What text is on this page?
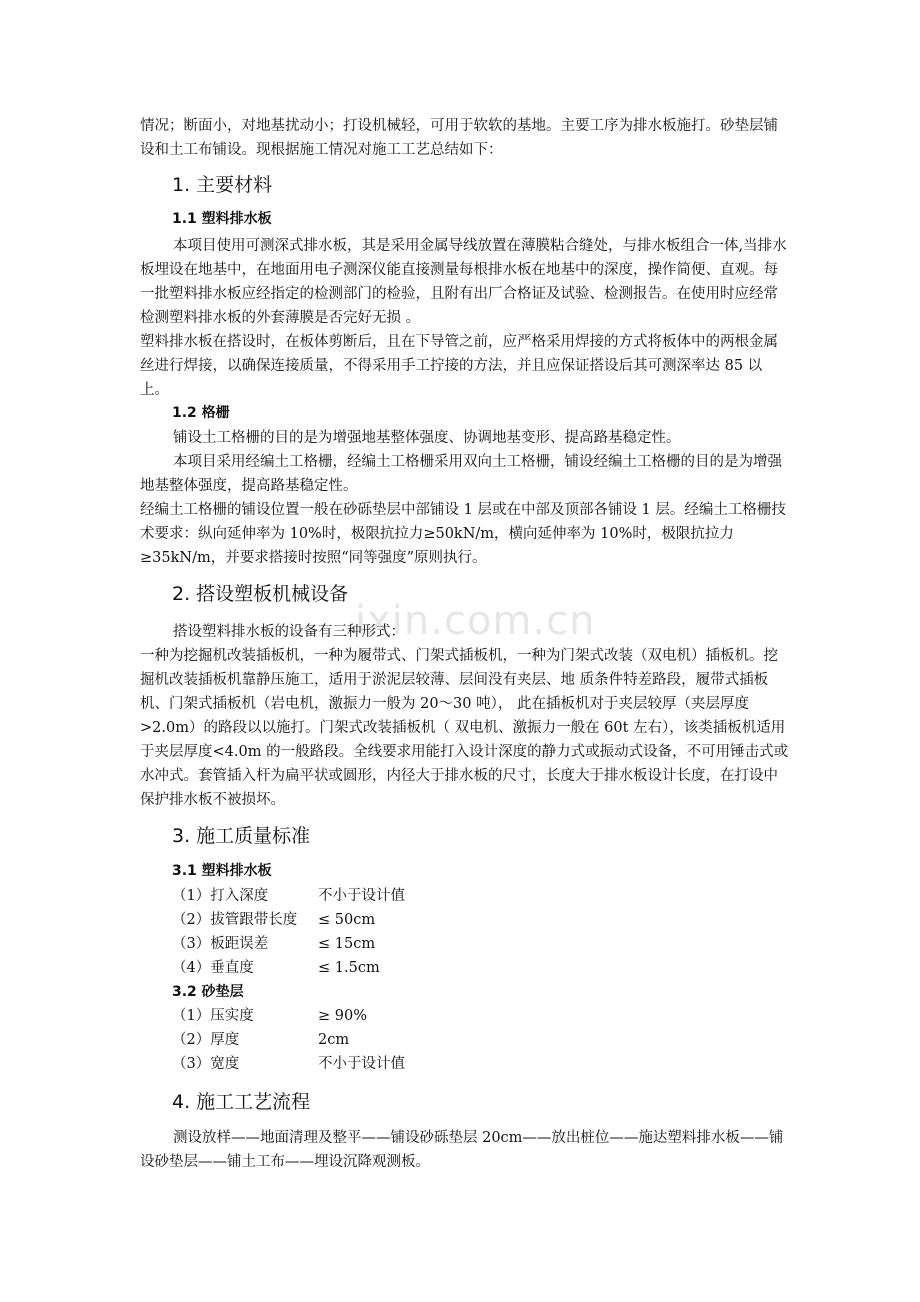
情况；断面小，对地基扰动小；打设机械轻，可用于软软的基地。主要工序为排水板施打。砂垫层铺设和土工布铺设。现根据施工情况对施工工艺总结如下：

1. 主要材料
1.1 塑料排水板

本项目使用可测深式排水板，其是采用金属导线放置在薄膜粘合缝处，与排水板组合一体,当排水板埋设在地基中，在地面用电子测深仪能直接测量每根排水板在地基中的深度，操作简便、直观。每一批塑料排水板应经指定的检测部门的检验，且附有出厂合格证及试验、检测报告。在使用时应经常检测塑料排水板的外套薄膜是否完好无损 。

塑料排水板在搭设时，在板体剪断后，且在下导管之前，应严格采用焊接的方式将板体中的两根金属丝进行焊接，以确保连接质量，不得采用手工拧接的方法，并且应保证搭设后其可测深率达 85 以上。

1.2 格栅

铺设土工格栅的目的是为增强地基整体强度、协调地基变形、提高路基稳定性。

本项目采用经编土工格栅，经编土工格栅采用双向土工格栅，铺设经编土工格栅的目的是为增强地基整体强度，提高路基稳定性。

经编土工格栅的铺设位置一般在砂砾垫层中部铺设 1 层或在中部及顶部各铺设 1 层。经编土工格栅技术要求：纵向延伸率为 10%时，极限抗拉力≥50kN/m，横向延伸率为 10%时，极限抗拉力≥35kN/m，并要求搭接时按照“同等强度”原则执行。

2. 搭设塑板机械设备
ixin.com.cn

搭设塑料排水板的设备有三种形式：

一种为挖掘机改装插板机，一种为履带式、门架式插板机，一种为门架式改装（双电机）插板机。挖掘机改装插板机靠静压施工，适用于淤泥层较薄、层间没有夹层、地 质条件特差路段，履带式插板机、门架式插板机（岩电机，激振力一般为 20～30 吨）， 此在插板机对于夹层较厚（夹层厚度>2.0m）的路段以以施打。门架式改装插板机（ 双电机、激振力一般在 60t 左右），该类插板机适用于夹层厚度<4.0m 的一般路段。全线要求用能打入设计深度的静力式或振动式设备，不可用锤击式或水冲式。套管插入杆为扁平状或圆形，内径大于排水板的尺寸，长度大于排水板设计长度，在打设中保护排水板不被损坏。

3. 施工质量标准
3.1 塑料排水板
（1）打入深度	不小于设计值
（2）拔管跟带长度 ≤ 50cm
（3）板距误差	≤ 15cm
（4）垂直度	≤ 1.5cm
3.2 砂垫层
（1）压实度	≥ 90%
（2）厚度	2cm
（3）宽度	不小于设计值
4. 施工工艺流程

测设放样——地面清理及整平——铺设砂砾垫层 20cm——放出桩位——施达塑料排水板——铺设砂垫层——铺土工布——埋设沉降观测板。
